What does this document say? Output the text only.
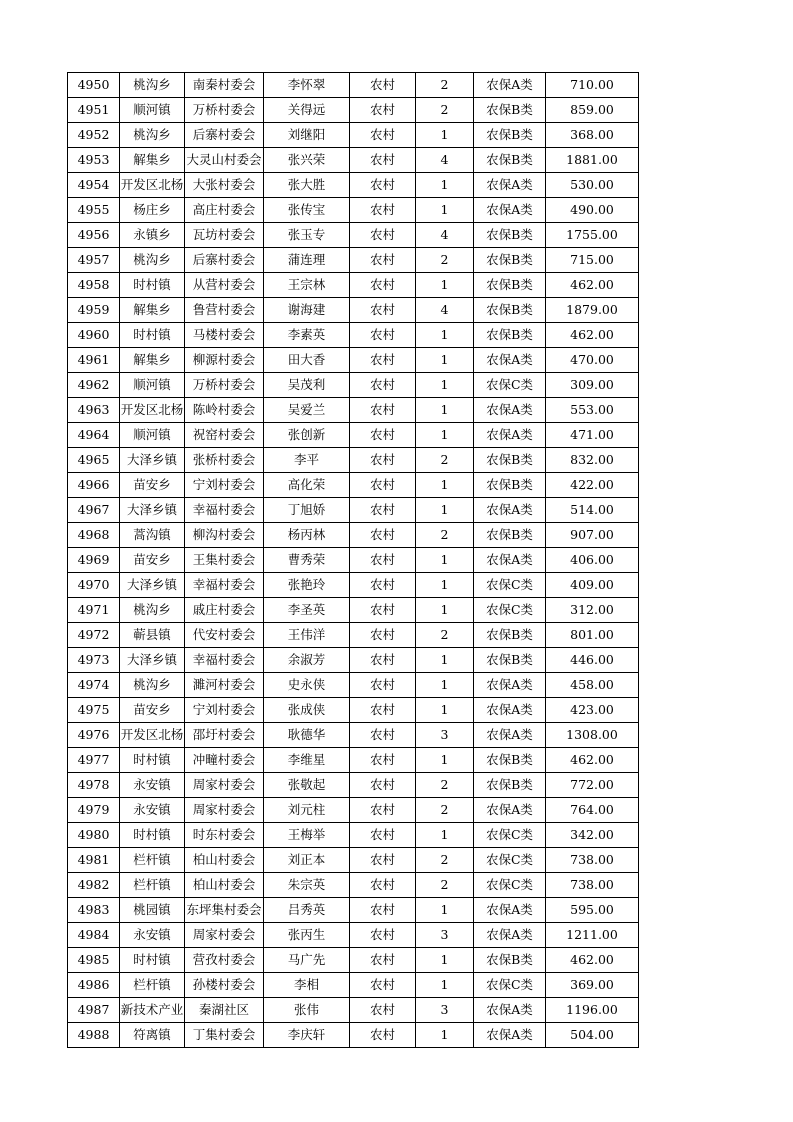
4950	桃沟乡	南秦村委会	李怀翠	农村	2	农保A类	710.00
4951	顺河镇	万桥村委会	关得远	农村	2	农保B类	859.00
4952	桃沟乡	后寨村委会	刘继阳	农村	1	农保B类	368.00
4953	解集乡	大灵山村委会	张兴荣	农村	4	农保B类	1881.00
4954	开发区北杨	大张村委会	张大胜	农村	1	农保A类	530.00
4955	杨庄乡	高庄村委会	张传宝	农村	1	农保A类	490.00
4956	永镇乡	瓦坊村委会	张玉专	农村	4	农保B类	1755.00
4957	桃沟乡	后寨村委会	蒲连理	农村	2	农保B类	715.00
4958	时村镇	从营村委会	王宗林	农村	1	农保B类	462.00
4959	解集乡	鲁营村委会	谢海建	农村	4	农保B类	1879.00
4960	时村镇	马楼村委会	李素英	农村	1	农保B类	462.00
4961	解集乡	柳源村委会	田大香	农村	1	农保A类	470.00
4962	顺河镇	万桥村委会	吴茂利	农村	1	农保C类	309.00
4963	开发区北杨	陈岭村委会	吴爱兰	农村	1	农保A类	553.00
4964	顺河镇	祝窑村委会	张创新	农村	1	农保A类	471.00
4965	大泽乡镇	张桥村委会	李平	农村	2	农保B类	832.00
4966	苗安乡	宁刘村委会	高化荣	农村	1	农保B类	422.00
4967	大泽乡镇	幸福村委会	丁旭娇	农村	1	农保A类	514.00
4968	蒿沟镇	柳沟村委会	杨丙林	农村	2	农保B类	907.00
4969	苗安乡	王集村委会	曹秀荣	农村	1	农保A类	406.00
4970	大泽乡镇	幸福村委会	张艳玲	农村	1	农保C类	409.00
4971	桃沟乡	戚庄村委会	李圣英	农村	1	农保C类	312.00
4972	蕲县镇	代安村委会	王伟洋	农村	2	农保B类	801.00
4973	大泽乡镇	幸福村委会	余淑芳	农村	1	农保B类	446.00
4974	桃沟乡	濉河村委会	史永侠	农村	1	农保A类	458.00
4975	苗安乡	宁刘村委会	张成侠	农村	1	农保A类	423.00
4976	开发区北杨	邵圩村委会	耿德华	农村	3	农保A类	1308.00
4977	时村镇	冲疃村委会	李维星	农村	1	农保B类	462.00
4978	永安镇	周家村委会	张敬起	农村	2	农保B类	772.00
4979	永安镇	周家村委会	刘元柱	农村	2	农保A类	764.00
4980	时村镇	时东村委会	王梅举	农村	1	农保C类	342.00
4981	栏杆镇	柏山村委会	刘正本	农村	2	农保C类	738.00
4982	栏杆镇	柏山村委会	朱宗英	农村	2	农保C类	738.00
4983	桃园镇	东坪集村委会	吕秀英	农村	1	农保A类	595.00
4984	永安镇	周家村委会	张丙生	农村	3	农保A类	1211.00
4985	时村镇	营孜村委会	马广先	农村	1	农保B类	462.00
4986	栏杆镇	孙楼村委会	李相	农村	1	农保C类	369.00
4987	新技术产业	秦湖社区	张伟	农村	3	农保A类	1196.00
4988	符离镇	丁集村委会	李庆轩	农村	1	农保A类	504.00
